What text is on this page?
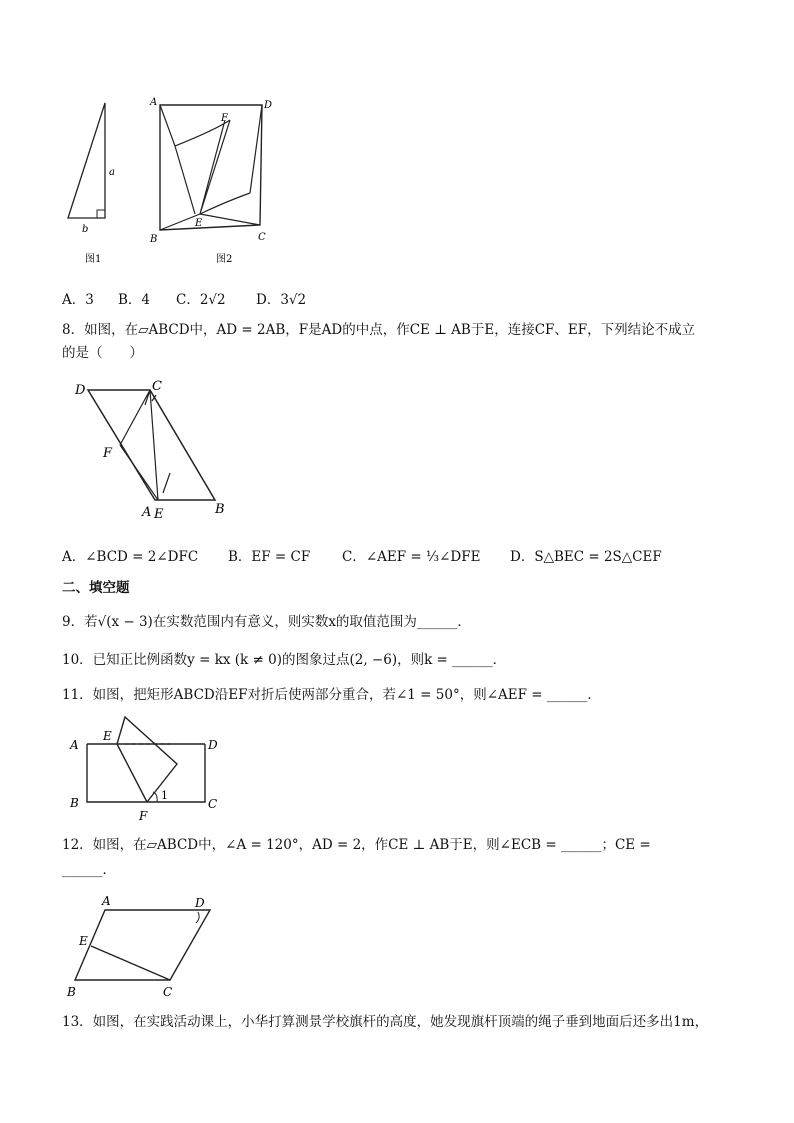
a
b
图1
A	D
F
E
B	C
图2
A．3 B．4 C．2√2 D．3√2
8．如图，在▱ABCD中，AD = 2AB，F是AD的中点，作CE ⊥ AB于E，连接CF、EF，下列结论不成立
的是（　　）
D	C
F
A E	B
A．∠BCD = 2∠DFC B．EF = CF C．∠AEF = ⅓∠DFE D．S△BEC = 2S△CEF
二、填空题
9．若√(x − 3)在实数范围内有意义，则实数x的取值范围为______．
10．已知正比例函数y = kx (k ≠ 0)的图象过点(2, −6)，则k = ______．
11．如图，把矩形ABCD沿EF对折后使两部分重合，若∠1 = 50°，则∠AEF = ______．
A
E
D
B	C
F
1
12．如图，在▱ABCD中，∠A = 120°，AD = 2，作CE ⊥ AB于E，则∠ECB = ______；CE =
______．
A	D
E
B	C
13．如图，在实践活动课上，小华打算测景学校旗杆的高度，她发现旗杆顶端的绳子垂到地面后还多出1m，
